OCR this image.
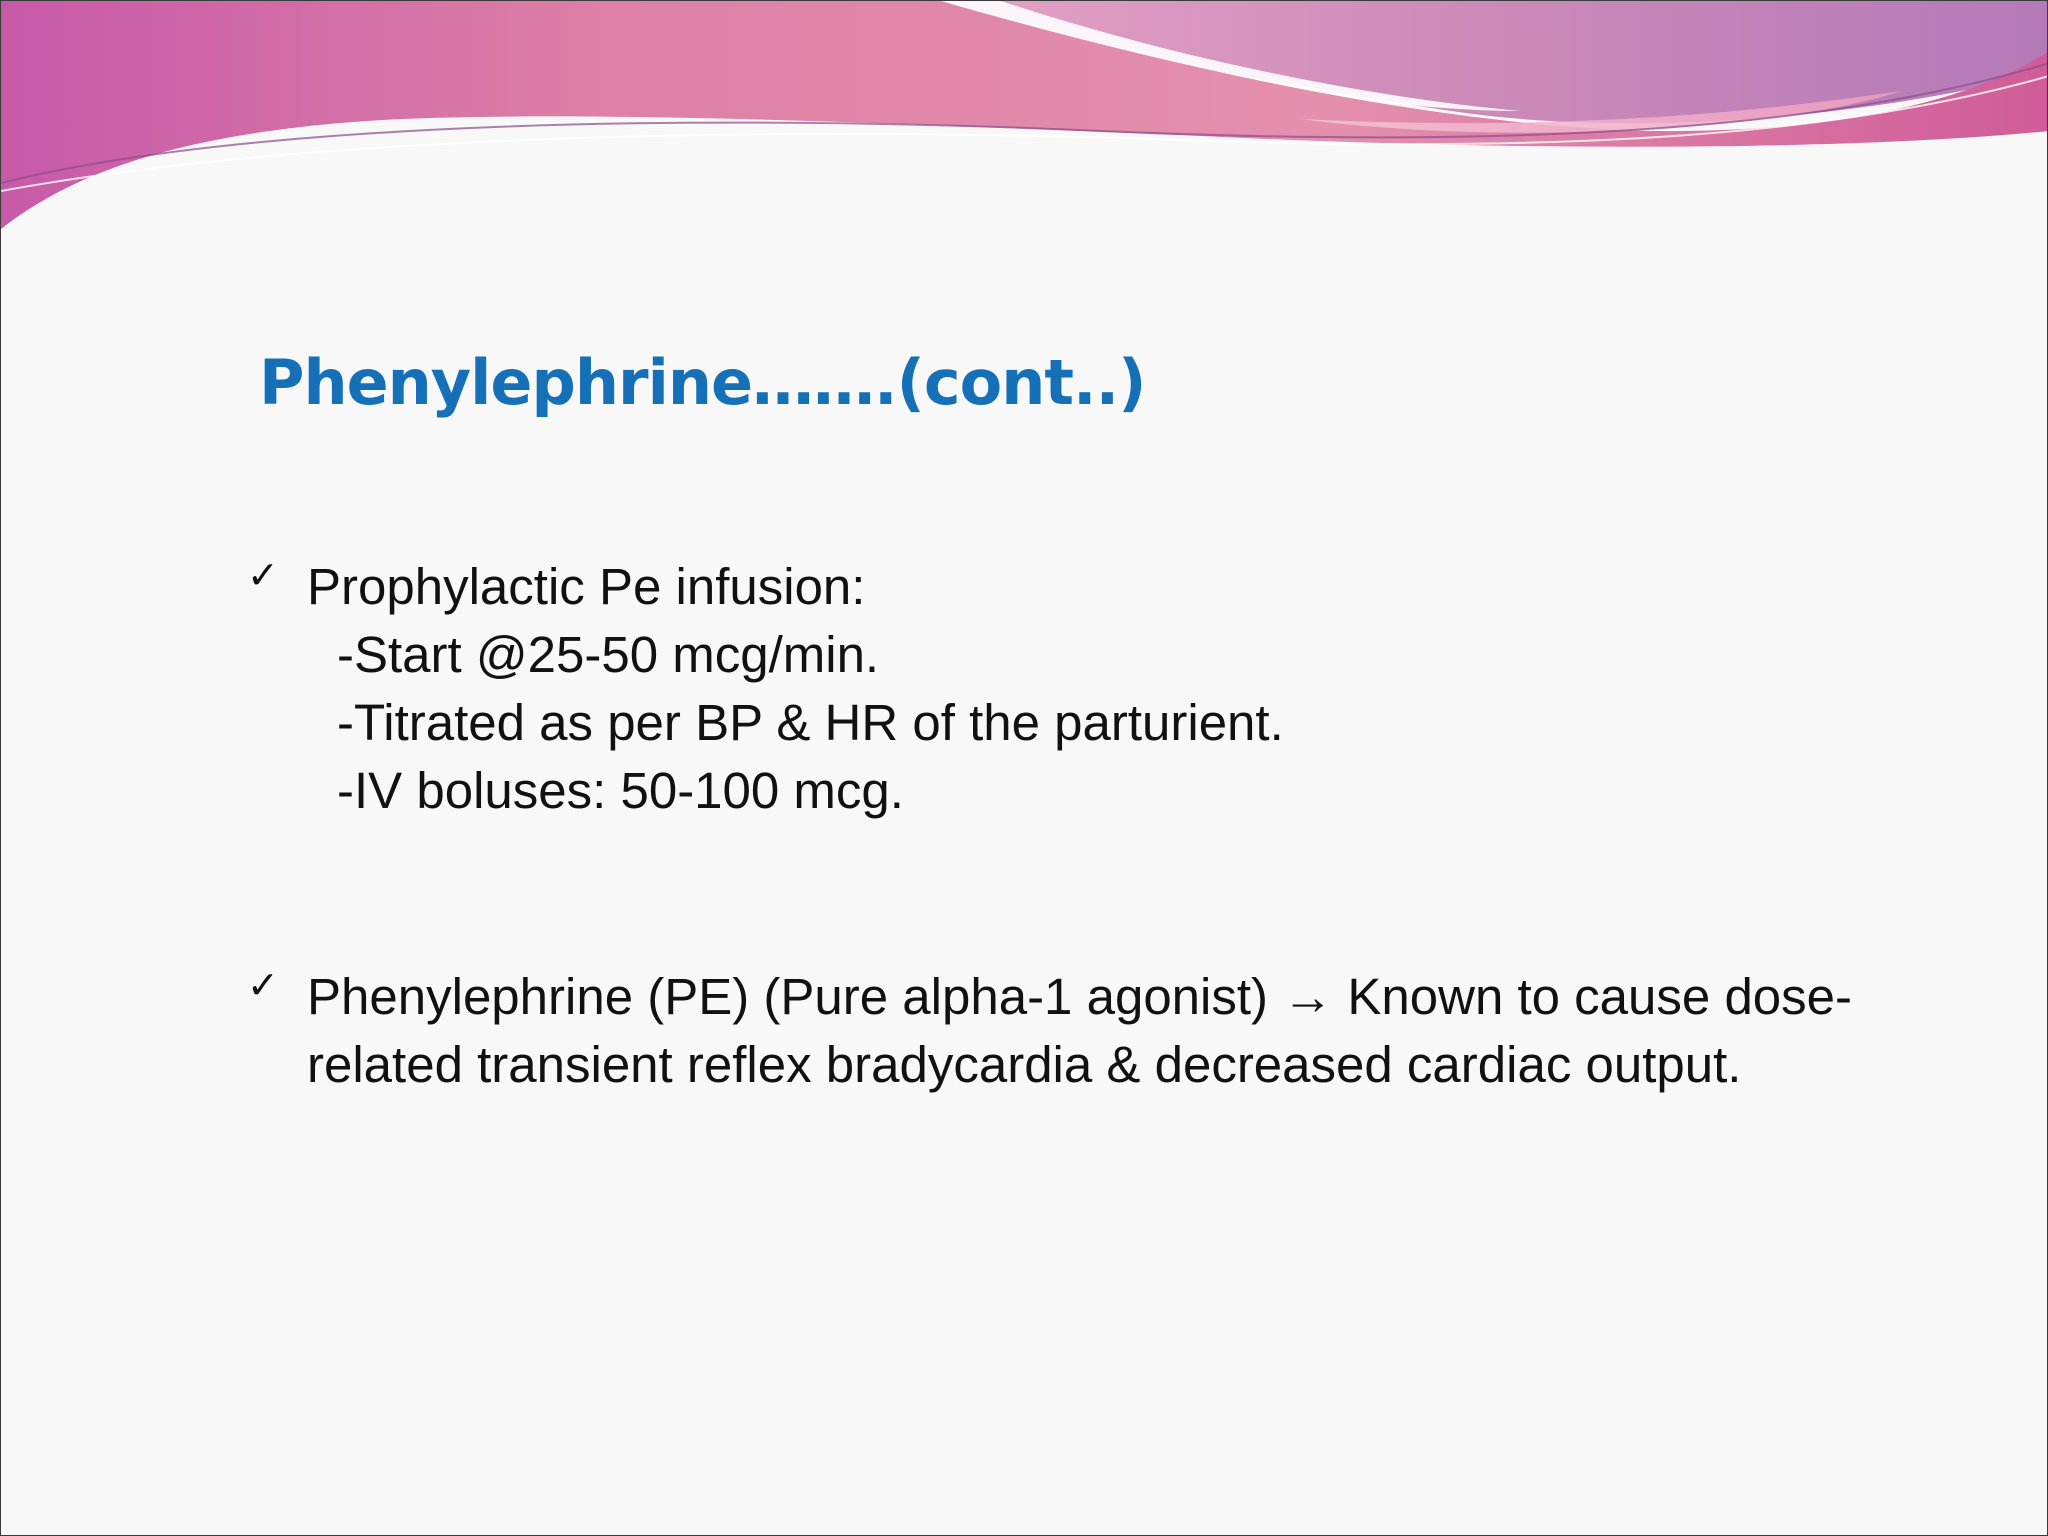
Phenylephrine…….(cont..)
✓ Prophylactic Pe infusion:
-Start @25-50 mcg/min.
-Titrated as per BP & HR of the parturient.
-IV boluses: 50-100 mcg.
✓ Phenylephrine (PE) (Pure alpha-1 agonist) → Known to cause dose-related transient reflex bradycardia & decreased cardiac output.
